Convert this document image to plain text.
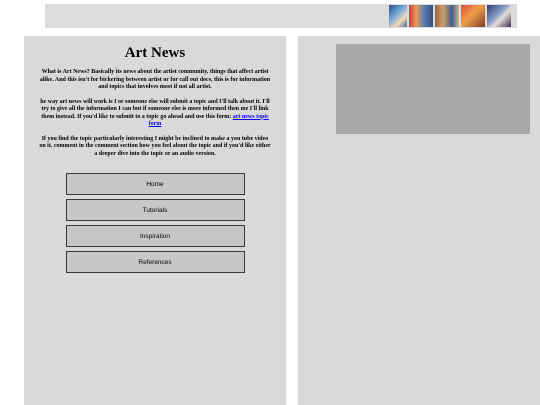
Art News
What is Art News? Basically its news about the artist community, things that affect artist
alike. And this isn't for bickering between artist or for call out docs, this is for information
and topics that involves most if not all artist.
he way art news will work is I or someone else will submit a topic and I'll talk about it. I'll
try to give all the information I can but if someone else is more informed then me I'll link
them instead. If you'd like to submit to a topic go ahead and use this form: art news topic
form
If you find the topic particularly interesting I might be inclined to make a you tube video
on it, comment in the comment section how you feel about the topic and if you'd like either
a deeper dive into the topic or an audio version.
Home
Tutorials
Inspiration
References
